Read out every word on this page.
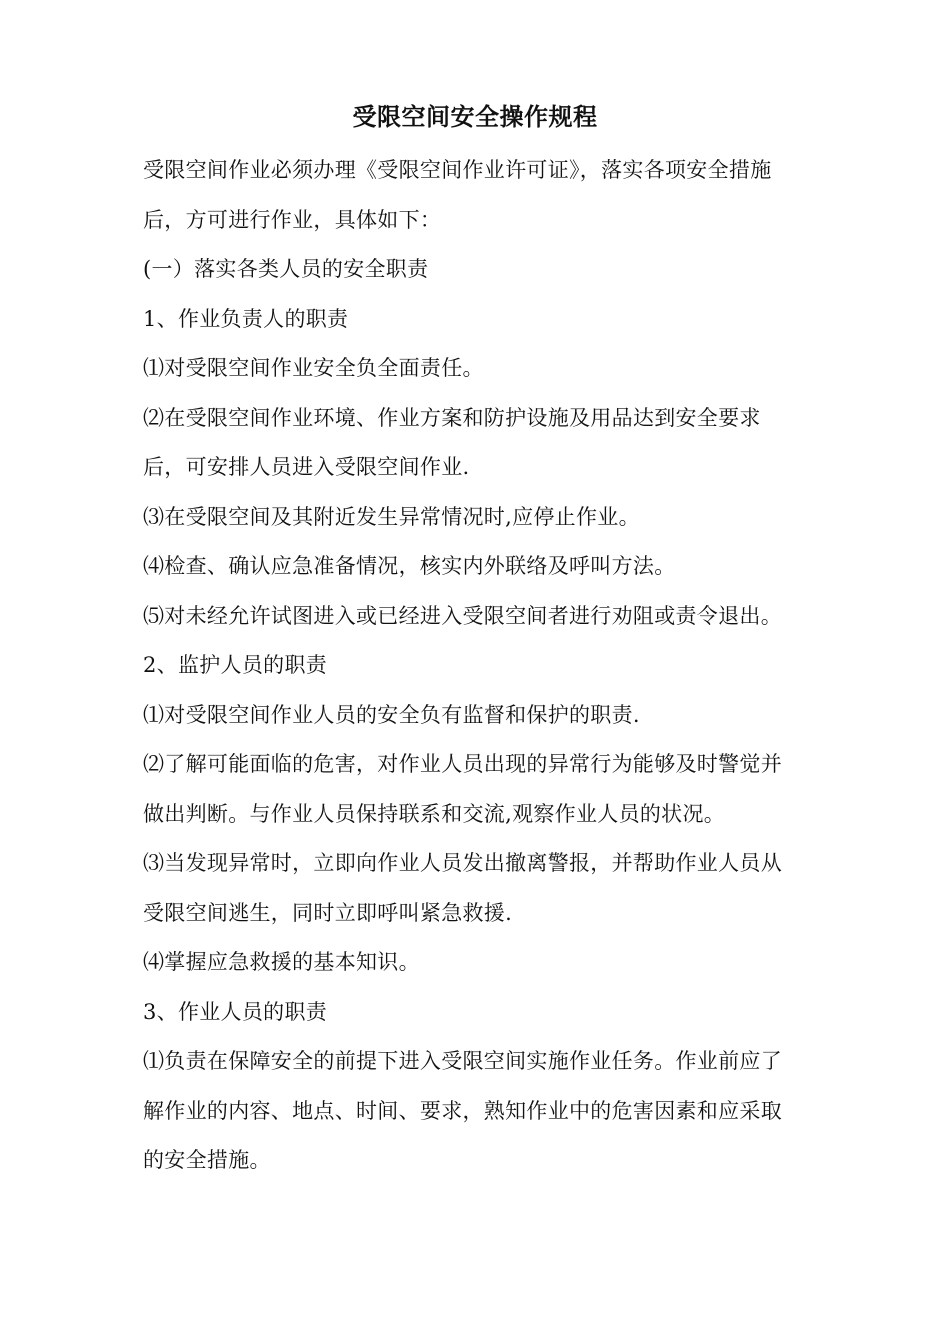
受限空间安全操作规程
受限空间作业必须办理《受限空间作业许可证》，落实各项安全措施
后，方可进行作业，具体如下：
(一）落实各类人员的安全职责
1、作业负责人的职责
⑴对受限空间作业安全负全面责任。
⑵在受限空间作业环境、作业方案和防护设施及用品达到安全要求
后，可安排人员进入受限空间作业.
⑶在受限空间及其附近发生异常情况时,应停止作业。
⑷检查、确认应急准备情况，核实内外联络及呼叫方法。
⑸对未经允许试图进入或已经进入受限空间者进行劝阻或责令退出。
2、监护人员的职责
⑴对受限空间作业人员的安全负有监督和保护的职责.
⑵了解可能面临的危害，对作业人员出现的异常行为能够及时警觉并
做出判断。与作业人员保持联系和交流,观察作业人员的状况。
⑶当发现异常时，立即向作业人员发出撤离警报，并帮助作业人员从
受限空间逃生，同时立即呼叫紧急救援.
⑷掌握应急救援的基本知识。
3、作业人员的职责
⑴负责在保障安全的前提下进入受限空间实施作业任务。作业前应了
解作业的内容、地点、时间、要求，熟知作业中的危害因素和应采取
的安全措施。
